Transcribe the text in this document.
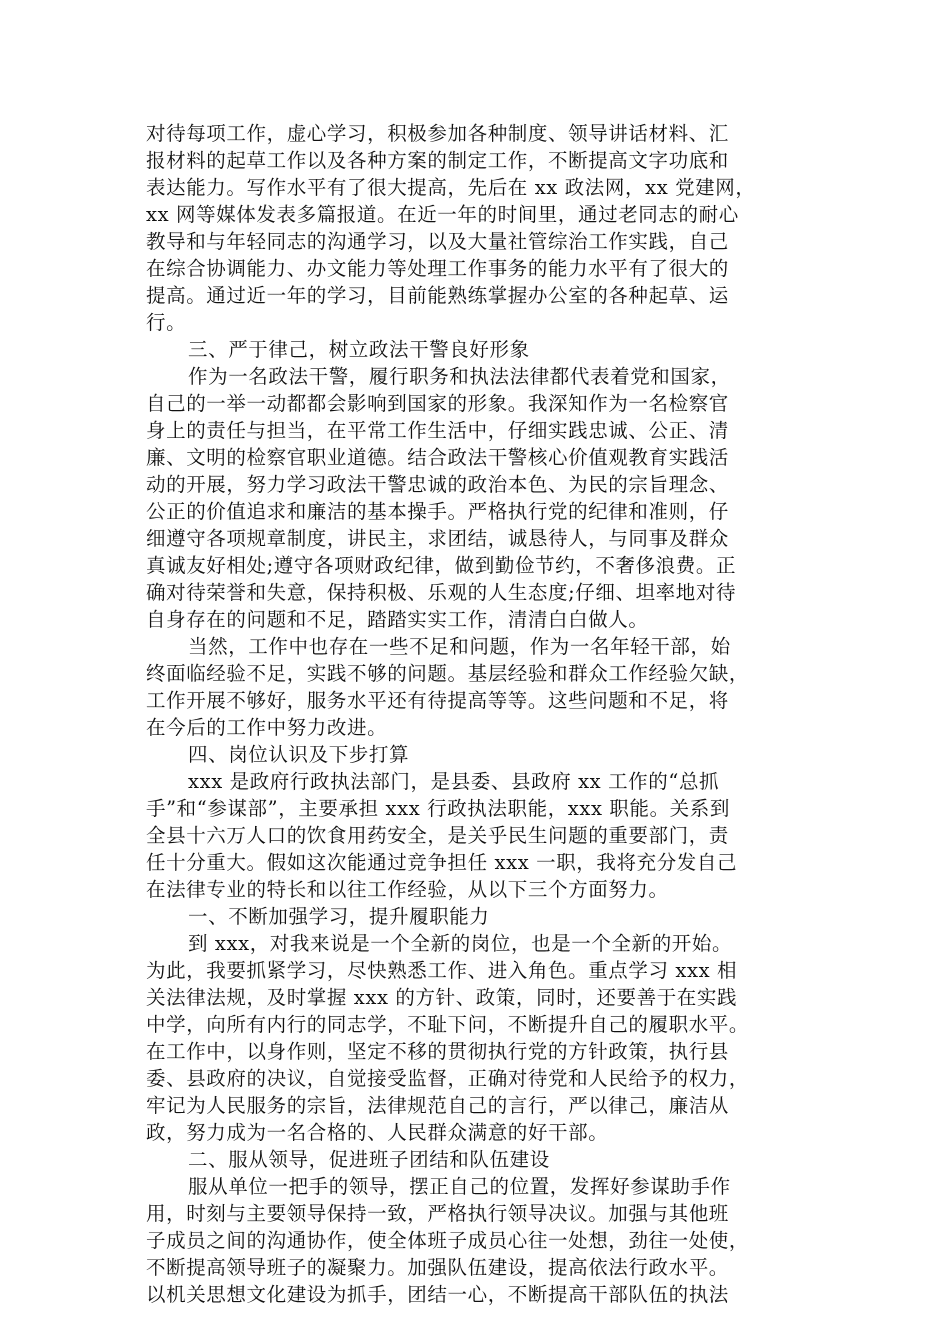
对待每项工作，虚心学习，积极参加各种制度、领导讲话材料、汇
报材料的起草工作以及各种方案的制定工作，不断提高文字功底和
表达能力。写作水平有了很大提高，先后在 xx 政法网，xx 党建网，
xx 网等媒体发表多篇报道。在近一年的时间里，通过老同志的耐心
教导和与年轻同志的沟通学习，以及大量社管综治工作实践，自己
在综合协调能力、办文能力等处理工作事务的能力水平有了很大的
提高。通过近一年的学习，目前能熟练掌握办公室的各种起草、运
行。
三、严于律己，树立政法干警良好形象
作为一名政法干警，履行职务和执法法律都代表着党和国家，
自己的一举一动都都会影响到国家的形象。我深知作为一名检察官
身上的责任与担当，在平常工作生活中，仔细实践忠诚、公正、清
廉、文明的检察官职业道德。结合政法干警核心价值观教育实践活
动的开展，努力学习政法干警忠诚的政治本色、为民的宗旨理念、
公正的价值追求和廉洁的基本操手。严格执行党的纪律和准则，仔
细遵守各项规章制度，讲民主，求团结，诚恳待人，与同事及群众
真诚友好相处;遵守各项财政纪律，做到勤俭节约，不奢侈浪费。正
确对待荣誉和失意，保持积极、乐观的人生态度;仔细、坦率地对待
自身存在的问题和不足，踏踏实实工作，清清白白做人。
当然，工作中也存在一些不足和问题，作为一名年轻干部，始
终面临经验不足，实践不够的问题。基层经验和群众工作经验欠缺，
工作开展不够好，服务水平还有待提高等等。这些问题和不足，将
在今后的工作中努力改进。
四、岗位认识及下步打算
xxx 是政府行政执法部门，是县委、县政府 xx 工作的“总抓
手”和“参谋部”，主要承担 xxx 行政执法职能，xxx 职能。关系到
全县十六万人口的饮食用药安全，是关乎民生问题的重要部门，责
任十分重大。假如这次能通过竞争担任 xxx 一职，我将充分发自己
在法律专业的特长和以往工作经验，从以下三个方面努力。
一、不断加强学习，提升履职能力
到 xxx，对我来说是一个全新的岗位，也是一个全新的开始。
为此，我要抓紧学习，尽快熟悉工作、进入角色。重点学习 xxx 相
关法律法规，及时掌握 xxx 的方针、政策，同时，还要善于在实践
中学，向所有内行的同志学，不耻下问，不断提升自己的履职水平。
在工作中，以身作则，坚定不移的贯彻执行党的方针政策，执行县
委、县政府的决议，自觉接受监督，正确对待党和人民给予的权力，
牢记为人民服务的宗旨，法律规范自己的言行，严以律己，廉洁从
政，努力成为一名合格的、人民群众满意的好干部。
二、服从领导，促进班子团结和队伍建设
服从单位一把手的领导，摆正自己的位置，发挥好参谋助手作
用，时刻与主要领导保持一致，严格执行领导决议。加强与其他班
子成员之间的沟通协作，使全体班子成员心往一处想，劲往一处使，
不断提高领导班子的凝聚力。加强队伍建设，提高依法行政水平。
以机关思想文化建设为抓手，团结一心，不断提高干部队伍的执法
